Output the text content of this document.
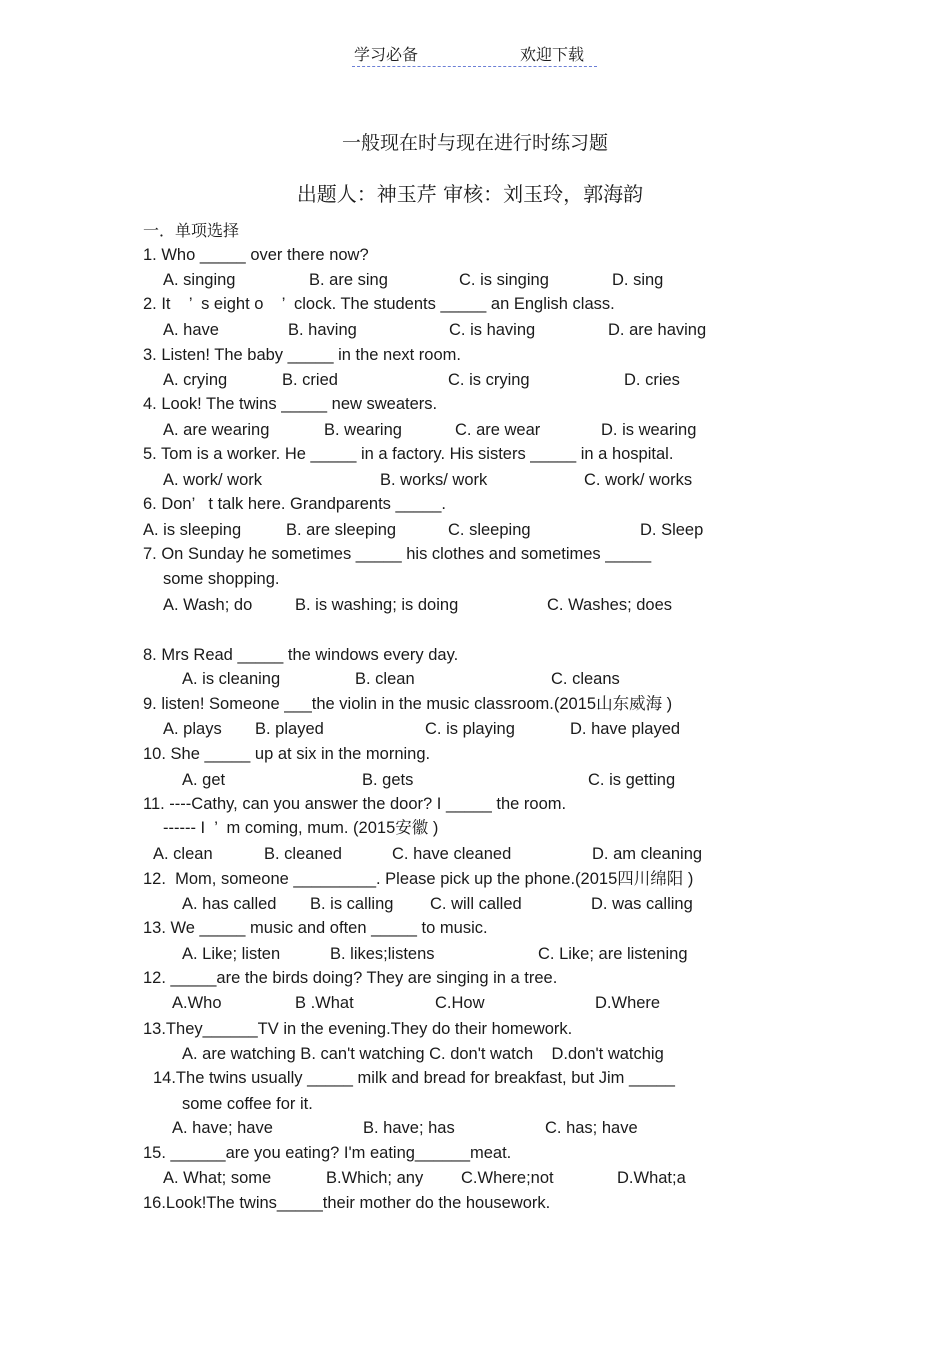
学习必备	欢迎下载
一般现在时与现在进行时练习题
出题人：神玉芹 审核：刘玉玲，郭海韵
一．单项选择
1. Who _____ over there now?
A. singing	B. are sing	C. is singing	D. sing
2. It    ’  s eight o    ’  clock. The students _____ an English class.
A. have	B. having	C. is having	D. are having
3. Listen! The baby _____ in the next room.
A. crying	B. cried	C. is crying	D. cries
4. Look! The twins _____ new sweaters.
A. are wearing	B. wearing	C. are wear	D. is wearing
5. Tom is a worker. He _____ in a factory. His sisters _____ in a hospital.
A. work/ work	B. works/ work	C. work/ works
6. Don’   t talk here. Grandparents _____.
A. is sleeping	B. are sleeping	C. sleeping	D. Sleep
7. On Sunday he sometimes _____ his clothes and sometimes _____
some shopping.
A. Wash; do	B. is washing; is doing	C. Washes; does
8. Mrs Read _____ the windows every day.
A. is cleaning	B. clean	C. cleans
9. listen! Someone ___the violin in the music classroom.(2015山东威海 )
A. plays B. played	C. is playing	D. have played
10. She _____ up at six in the morning.
A. get	B. gets	C. is getting
11. ----Cathy, can you answer the door? I _____ the room.
------ I  ’  m coming, mum. (2015安徽 )
A. clean	B. cleaned	C. have cleaned	D. am cleaning
12.  Mom, someone _________. Please pick up the phone.(2015四川绵阳 )
A. has called B. is calling C. will called	D. was calling
13. We _____ music and often _____ to music.
A. Like; listen	B. likes;listens	C. Like; are listening
12. _____are the birds doing? They are singing in a tree.
A.Who	B .What	C.How	D.Where
13.They______TV in the evening.They do their homework.
A. are watching B. can't watching C. don't watch    D.don't watchig
14.The twins usually _____ milk and bread for breakfast, but Jim _____
some coffee for it.
A. have; have	B. have; has	C. has; have
15. ______are you eating? I'm eating______meat.
A. What; some	B.Which; any C.Where;not	D.What;a
16.Look!The twins_____their mother do the housework.
